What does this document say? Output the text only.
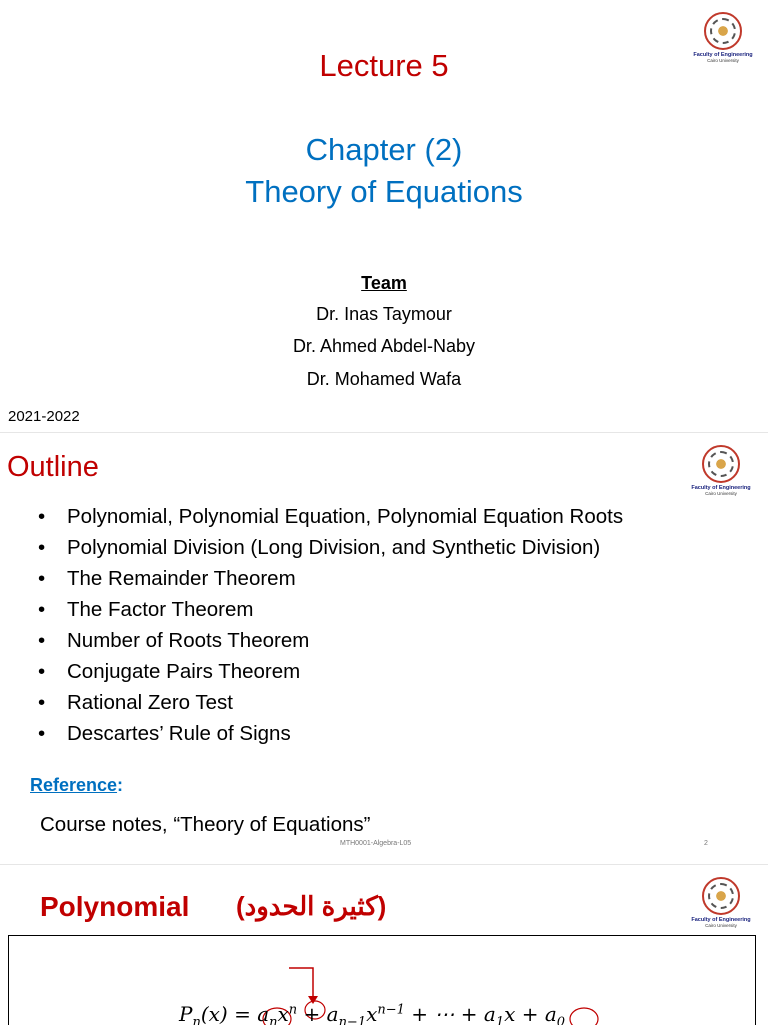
Faculty of Engineering
Cairo University
Lecture 5
Chapter (2)
Theory of Equations
Team
Dr. Inas Taymour
Dr. Ahmed Abdel-Naby
Dr. Mohamed Wafa
2021-2022
Faculty of Engineering
Cairo University
Outline
• Polynomial, Polynomial Equation, Polynomial Equation Roots
• Polynomial Division (Long Division, and Synthetic Division)
• The Remainder Theorem
• The Factor Theorem
• Number of Roots Theorem
• Conjugate Pairs Theorem
• Rational Zero Test
• Descartes’ Rule of Signs
Reference:
Course notes, “Theory of Equations”
MTH0001-Algebra-L05	2
Faculty of Engineering
Cairo University
Polynomial (كثيرة الحدود)
$P_n(x) = a_nx^n + a_{n-1}x^{n-1}$ + ⋯ + $a_1x + a_0$
